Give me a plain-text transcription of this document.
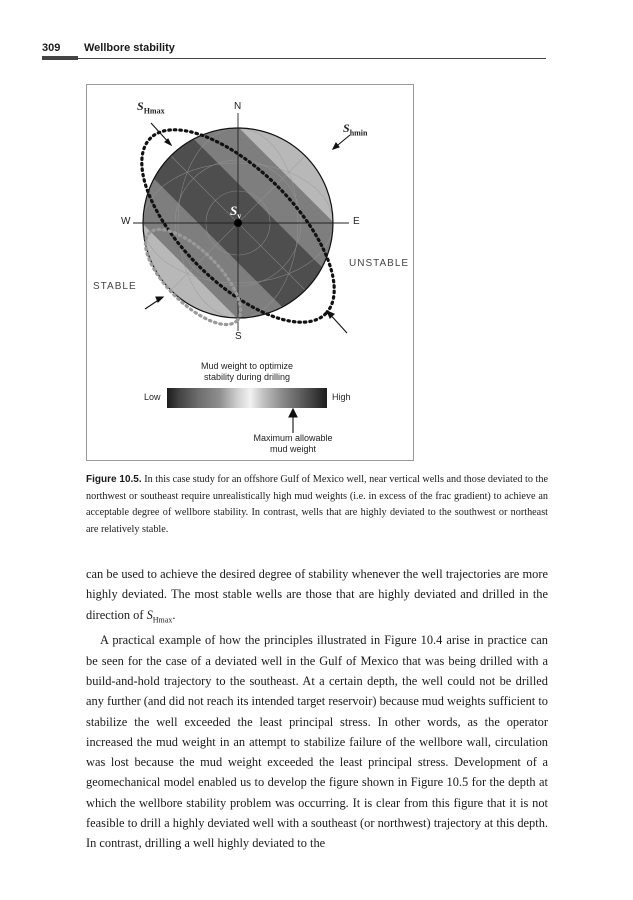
309 Wellbore stability
N
S
E
W
$S_{Hmax}$
$S_{hmin}$
$S_v$
STABLE
UNSTABLE
Mud weight to optimize
stability during drilling
Low	High
Maximum allowable
mud weight
Figure 10.5. In this case study for an offshore Gulf of Mexico well, near vertical wells and those deviated to the northwest or southeast require unrealistically high mud weights (i.e. in excess of the frac gradient) to achieve an acceptable degree of wellbore stability. In contrast, wells that are highly deviated to the southwest or northeast are relatively stable.

can be used to achieve the desired degree of stability whenever the well trajectories are more highly deviated. The most stable wells are those that are highly deviated and drilled in the direction of $S_{Hmax}$.

A practical example of how the principles illustrated in Figure 10.4 arise in practice can be seen for the case of a deviated well in the Gulf of Mexico that was being drilled with a build-and-hold trajectory to the southeast. At a certain depth, the well could not be drilled any further (and did not reach its intended target reservoir) because mud weights sufficient to stabilize the well exceeded the least principal stress. In other words, as the operator increased the mud weight in an attempt to stabilize failure of the wellbore wall, circulation was lost because the mud weight exceeded the least principal stress. Development of a geomechanical model enabled us to develop the figure shown in Figure 10.5 for the depth at which the wellbore stability problem was occurring. It is clear from this figure that it is not feasible to drill a highly deviated well with a southeast (or northwest) trajectory at this depth. In contrast, drilling a well highly deviated to the
